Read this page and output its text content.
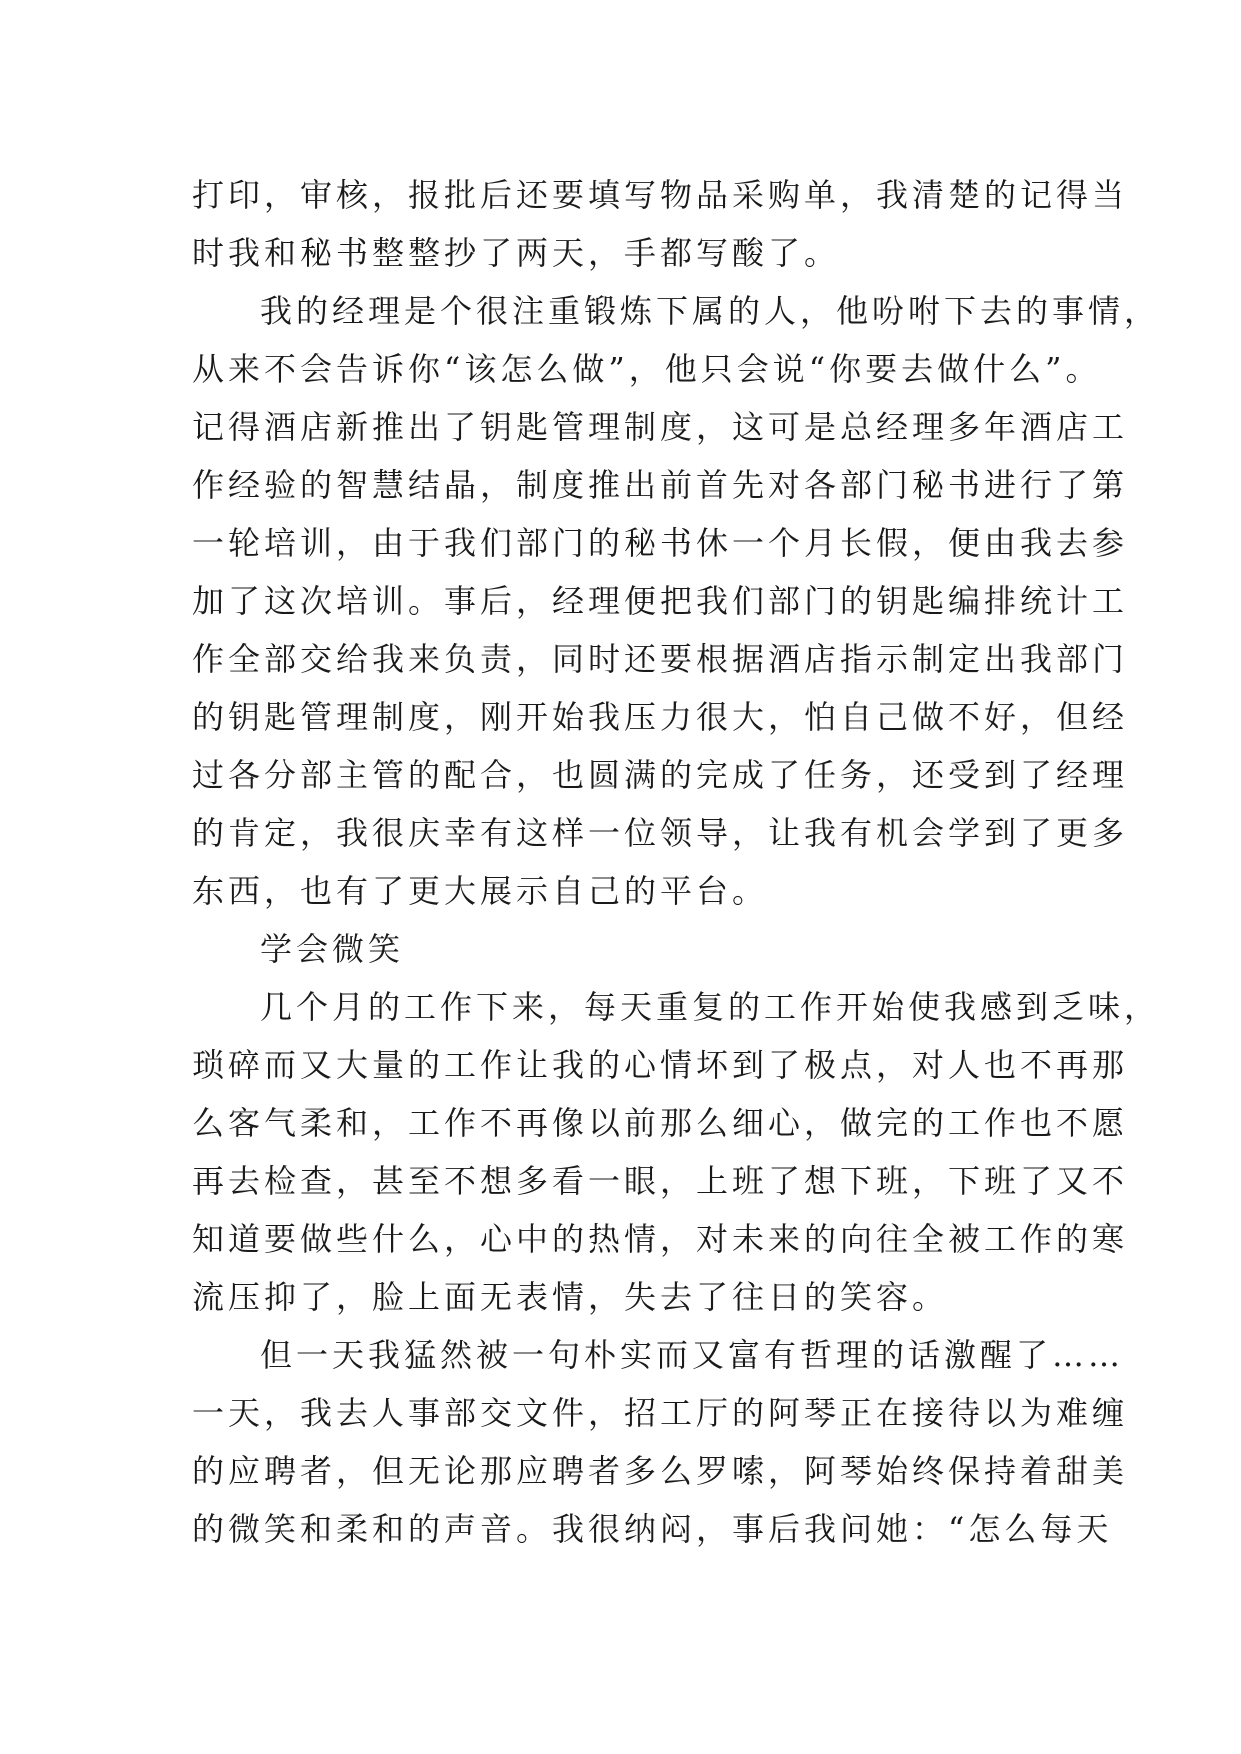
打印，审核，报批后还要填写物品采购单，我清楚的记得当
时我和秘书整整抄了两天，手都写酸了。
我的经理是个很注重锻炼下属的人，他吩咐下去的事情，
从来不会告诉你“该怎么做”，他只会说“你要去做什么”。
记得酒店新推出了钥匙管理制度，这可是总经理多年酒店工
作经验的智慧结晶，制度推出前首先对各部门秘书进行了第
一轮培训，由于我们部门的秘书休一个月长假，便由我去参
加了这次培训。事后，经理便把我们部门的钥匙编排统计工
作全部交给我来负责，同时还要根据酒店指示制定出我部门
的钥匙管理制度，刚开始我压力很大，怕自己做不好，但经
过各分部主管的配合，也圆满的完成了任务，还受到了经理
的肯定，我很庆幸有这样一位领导，让我有机会学到了更多
东西，也有了更大展示自己的平台。
学会微笑
几个月的工作下来，每天重复的工作开始使我感到乏味，
琐碎而又大量的工作让我的心情坏到了极点，对人也不再那
么客气柔和，工作不再像以前那么细心，做完的工作也不愿
再去检查，甚至不想多看一眼，上班了想下班，下班了又不
知道要做些什么，心中的热情，对未来的向往全被工作的寒
流压抑了，脸上面无表情，失去了往日的笑容。
但一天我猛然被一句朴实而又富有哲理的话激醒了……
一天，我去人事部交文件，招工厅的阿琴正在接待以为难缠
的应聘者，但无论那应聘者多么罗嗦，阿琴始终保持着甜美
的微笑和柔和的声音。我很纳闷，事后我问她：“怎么每天
